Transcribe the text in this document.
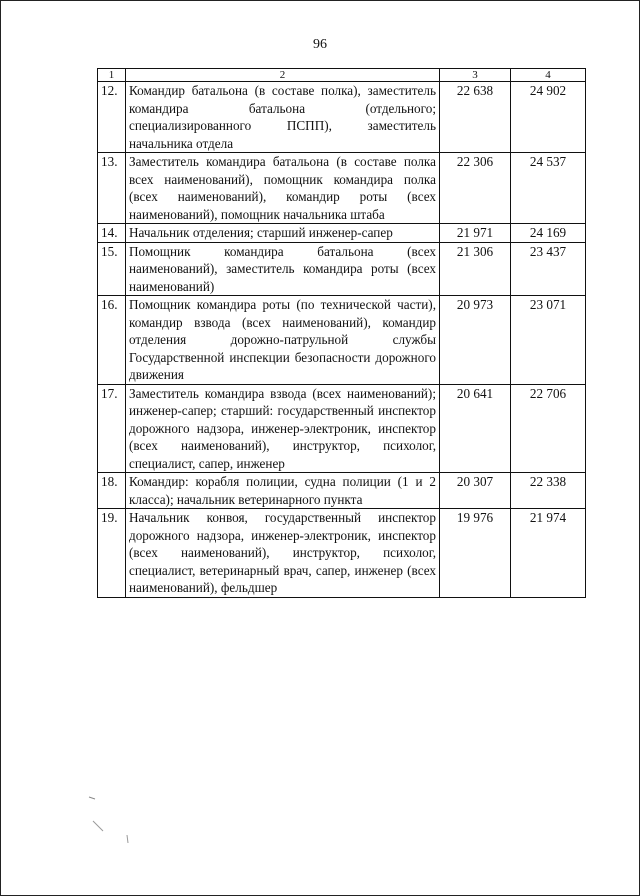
96
1	2	3	4
12.	Командир батальона (в составе полка), заместитель командира батальона (отдельного; специализированного ПСПП), заместитель начальника отдела	22 638	24 902
13.	Заместитель командира батальона (в составе полка всех наименований), помощник командира полка (всех наименований), командир роты (всех наименований), помощник начальника штаба	22 306	24 537
14.	Начальник отделения; старший инженер-сапер	21 971	24 169
15.	Помощник командира батальона (всех наименований), заместитель командира роты (всех наименований)	21 306	23 437
16.	Помощник командира роты (по технической части), командир взвода (всех наименований), командир отделения дорожно-патрульной службы Государственной инспекции безопасности дорожного движения	20 973	23 071
17.	Заместитель командира взвода (всех наименований); инженер-сапер; старший: государственный инспектор дорожного надзора, инженер-электроник, инспектор (всех наименований), инструктор, психолог, специалист, сапер, инженер	20 641	22 706
18.	Командир: корабля полиции, судна полиции (1 и 2 класса); начальник ветеринарного пункта	20 307	22 338
19.	Начальник конвоя, государственный инспектор дорожного надзора, инженер-электроник, инспектор (всех наименований), инструктор, психолог, специалист, ветеринарный врач, сапер, инженер (всех наименований), фельдшер	19 976	21 974
